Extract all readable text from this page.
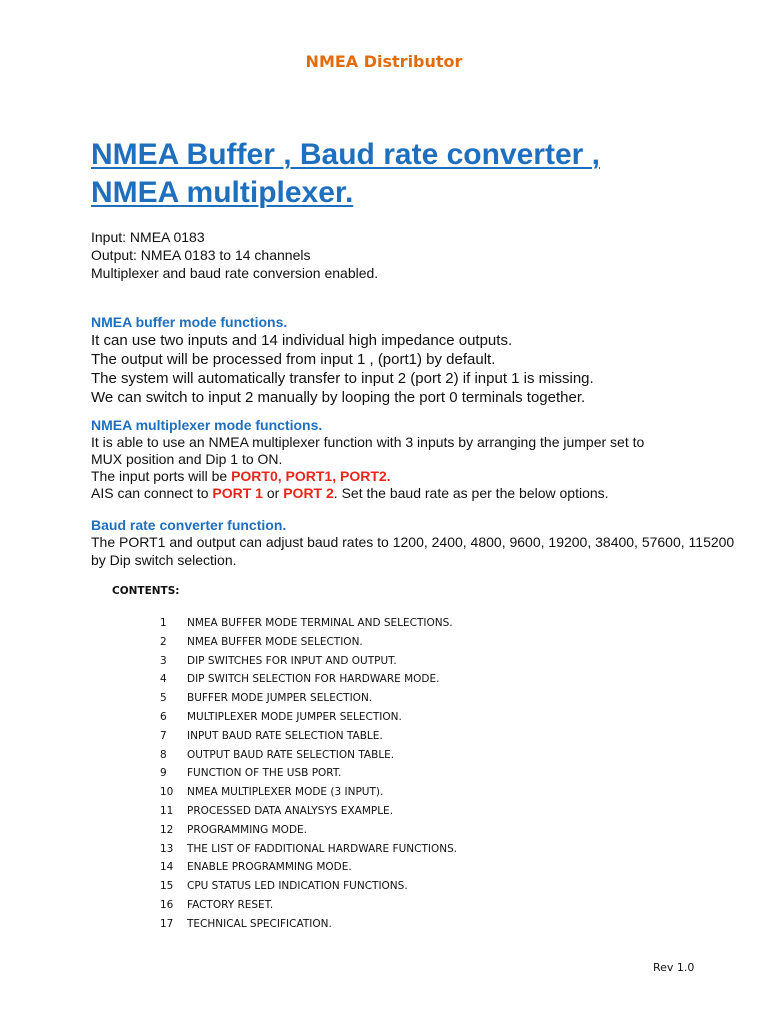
NMEA Distributor
NMEA Buffer , Baud rate converter ,
NMEA multiplexer.
Input: NMEA 0183
Output: NMEA 0183 to 14 channels
Multiplexer and baud rate conversion enabled.
NMEA buffer mode functions.
It can use two inputs and 14 individual high impedance outputs.
The output will be processed from input 1 , (port1) by default.
The system will automatically transfer to input 2 (port 2) if input 1 is missing.
We can switch to input 2 manually by looping the port 0 terminals together.
NMEA multiplexer mode functions.
It is able to use an NMEA multiplexer function with 3 inputs by arranging the jumper set to
MUX position and Dip 1 to ON.
The input ports will be PORT0, PORT1, PORT2.
AIS can connect to PORT 1 or PORT 2. Set the baud rate as per the below options.
Baud rate converter function.
The PORT1 and output can adjust baud rates to 1200, 2400, 4800, 9600, 19200, 38400, 57600, 115200
by Dip switch selection.
CONTENTS:
1 NMEA BUFFER MODE TERMINAL AND SELECTIONS.
2 NMEA BUFFER MODE SELECTION.
3 DIP SWITCHES FOR INPUT AND OUTPUT.
4 DIP SWITCH SELECTION FOR HARDWARE MODE.
5 BUFFER MODE JUMPER SELECTION.
6 MULTIPLEXER MODE JUMPER SELECTION.
7 INPUT BAUD RATE SELECTION TABLE.
8 OUTPUT BAUD RATE SELECTION TABLE.
9 FUNCTION OF THE USB PORT.
10 NMEA MULTIPLEXER MODE (3 INPUT).
11 PROCESSED DATA ANALYSYS EXAMPLE.
12 PROGRAMMING MODE.
13 THE LIST OF FADDITIONAL HARDWARE FUNCTIONS.
14 ENABLE PROGRAMMING MODE.
15 CPU STATUS LED INDICATION FUNCTIONS.
16 FACTORY RESET.
17 TECHNICAL SPECIFICATION.
Rev 1.0
